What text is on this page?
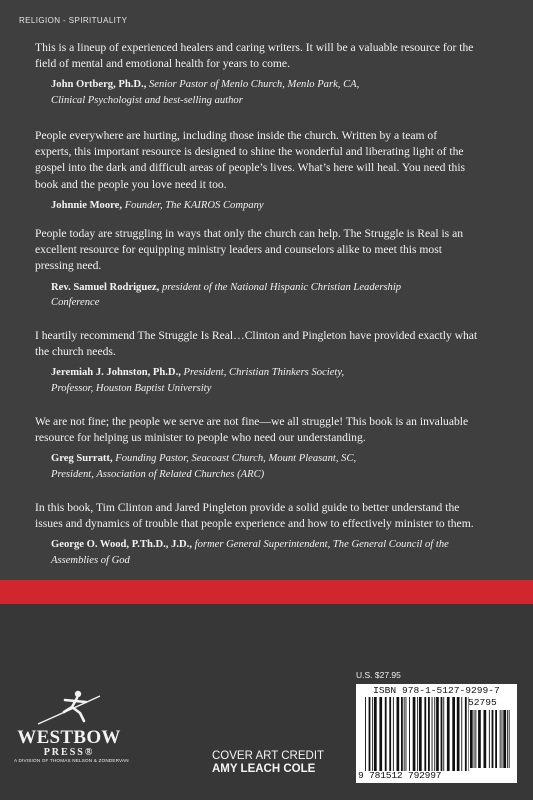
RELIGION - SPIRITUALITY

This is a lineup of experienced healers and caring writers. It will be a valuable resource for the
field of mental and emotional health for years to come.

John Ortberg, Ph.D., Senior Pastor of Menlo Church, Menlo Park, CA,
Clinical Psychologist and best-selling author

People everywhere are hurting, including those inside the church. Written by a team of
experts, this important resource is designed to shine the wonderful and liberating light of the
gospel into the dark and difficult areas of people’s lives. What’s here will heal. You need this
book and the people you love need it too.

Johnnie Moore, Founder, The KAIROS Company

People today are struggling in ways that only the church can help. The Struggle is Real is an
excellent resource for equipping ministry leaders and counselors alike to meet this most
pressing need.

Rev. Samuel Rodriguez, president of the National Hispanic Christian Leadership
Conference

I heartily recommend The Struggle Is Real…Clinton and Pingleton have provided exactly what
the church needs.

Jeremiah J. Johnston, Ph.D., President, Christian Thinkers Society,
Professor, Houston Baptist University

We are not fine; the people we serve are not fine—we all struggle! This book is an invaluable
resource for helping us minister to people who need our understanding.

Greg Surratt, Founding Pastor, Seacoast Church, Mount Pleasant, SC,
President, Association of Related Churches (ARC)

In this book, Tim Clinton and Jared Pingleton provide a solid guide to better understand the
issues and dynamics of trouble that people experience and how to effectively minister to them.

George O. Wood, P.Th.D., J.D., former General Superintendent, The General Council of the
Assemblies of God

WESTBOW
PRESS®
A DIVISION OF THOMAS NELSON & ZONDERVAN	COVER ART CREDIT
AMY LEACH COLE
U.S. $27.95
ISBN 978-1-5127-9299-7
52795
9 781512 792997
